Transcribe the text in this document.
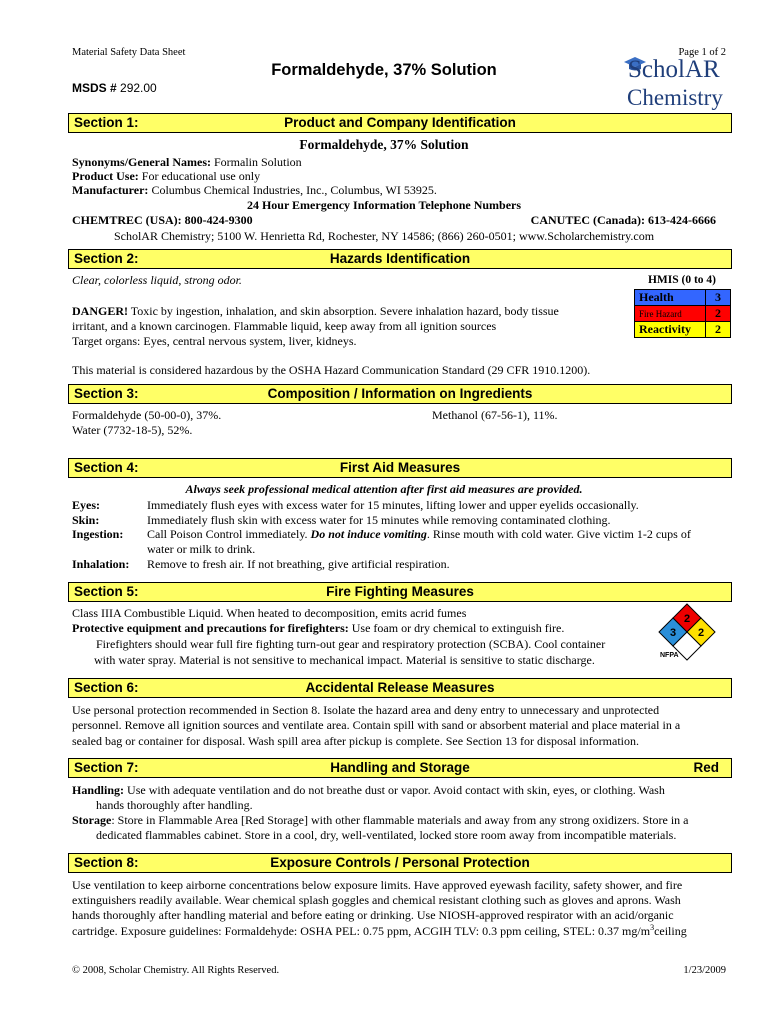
Material Safety Data Sheet	Page 1 of 2
Formaldehyde, 37% Solution
MSDS # 292.00
ScholAR
Chemistry
Section 1:	Product and Company Identification
Formaldehyde, 37% Solution
Synonyms/General Names: Formalin Solution
Product Use: For educational use only
Manufacturer: Columbus Chemical Industries, Inc., Columbus, WI 53925.
24 Hour Emergency Information Telephone Numbers
CHEMTREC (USA): 800-424-9300	CANUTEC (Canada): 613-424-6666
ScholAR Chemistry; 5100 W. Henrietta Rd, Rochester, NY 14586; (866) 260-0501; www.Scholarchemistry.com
Section 2:	Hazards Identification
Clear, colorless liquid, strong odor.
DANGER! Toxic by ingestion, inhalation, and skin absorption. Severe inhalation hazard, body tissue
irritant, and a known carcinogen. Flammable liquid, keep away from all ignition sources
Target organs: Eyes, central nervous system, liver, kidneys.
This material is considered hazardous by the OSHA Hazard Communication Standard (29 CFR 1910.1200).
HMIS (0 to 4)
Health	3
Fire Hazard	2
Reactivity	2
Section 3:	Composition / Information on Ingredients
Formaldehyde (50-00-0), 37%.	Methanol (67-56-1), 11%.
Water (7732-18-5), 52%.
Section 4:	First Aid Measures
Always seek professional medical attention after first aid measures are provided.
Eyes:	Immediately flush eyes with excess water for 15 minutes, lifting lower and upper eyelids occasionally.
Skin:	Immediately flush skin with excess water for 15 minutes while removing contaminated clothing.
Ingestion: Call Poison Control immediately. Do not induce vomiting. Rinse mouth with cold water. Give victim 1-2 cups of
water or milk to drink.
Inhalation: Remove to fresh air. If not breathing, give artificial respiration.
Section 5:	Fire Fighting Measures
Class IIIA Combustible Liquid. When heated to decomposition, emits acrid fumes
Protective equipment and precautions for firefighters: Use foam or dry chemical to extinguish fire.
Firefighters should wear full fire fighting turn-out gear and respiratory protection (SCBA). Cool container
with water spray. Material is not sensitive to mechanical impact. Material is sensitive to static discharge.
2
3 2
NFPA
Section 6:	Accidental Release Measures
Use personal protection recommended in Section 8. Isolate the hazard area and deny entry to unnecessary and unprotected
personnel. Remove all ignition sources and ventilate area. Contain spill with sand or absorbent material and place material in a
sealed bag or container for disposal. Wash spill area after pickup is complete. See Section 13 for disposal information.
Section 7:	Handling and Storage	Red
Handling: Use with adequate ventilation and do not breathe dust or vapor. Avoid contact with skin, eyes, or clothing. Wash
hands thoroughly after handling.
Storage: Store in Flammable Area [Red Storage] with other flammable materials and away from any strong oxidizers. Store in a
dedicated flammables cabinet. Store in a cool, dry, well-ventilated, locked store room away from incompatible materials.
Section 8:	Exposure Controls / Personal Protection
Use ventilation to keep airborne concentrations below exposure limits. Have approved eyewash facility, safety shower, and fire
extinguishers readily available. Wear chemical splash goggles and chemical resistant clothing such as gloves and aprons. Wash
hands thoroughly after handling material and before eating or drinking. Use NIOSH-approved respirator with an acid/organic
cartridge. Exposure guidelines: Formaldehyde: OSHA PEL: 0.75 ppm, ACGIH TLV: 0.3 ppm ceiling, STEL: 0.37 $mg/m^3ceiling$
© 2008, Scholar Chemistry. All Rights Reserved.	1/23/2009
